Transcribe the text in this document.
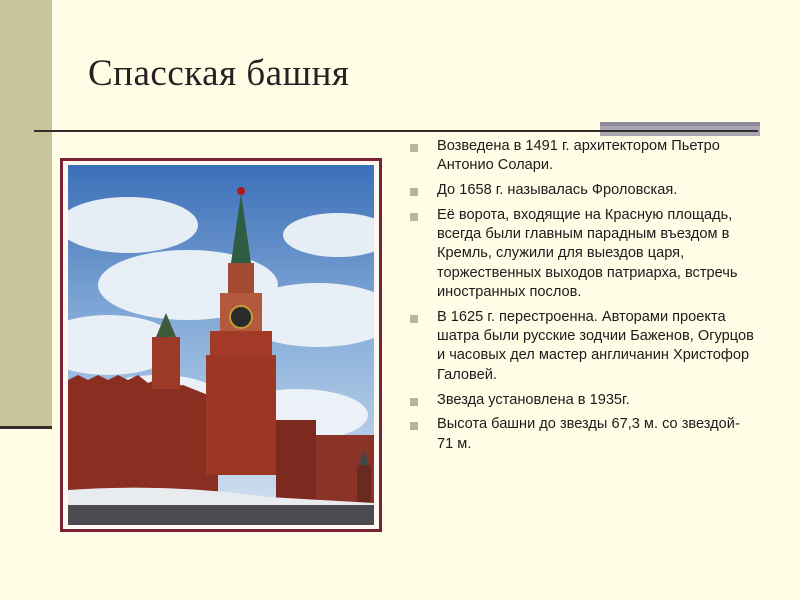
Спасская башня
Возведена в 1491 г. архитектором Пьетро Антонио Солари.
До 1658 г. называлась Фроловская.
Её ворота, входящие на Красную площадь, всегда были главным парадным въездом в Кремль, служили для выездов царя, торжественных выходов патриарха, встречь иностранных послов.
В 1625 г. перестроенна. Авторами проекта шатра были русские зодчии Баженов, Огурцов и часовых дел мастер англичанин Христофор Галовей.
Звезда установлена в 1935г.
Высота башни до звезды 67,3 м. со звездой- 71 м.
